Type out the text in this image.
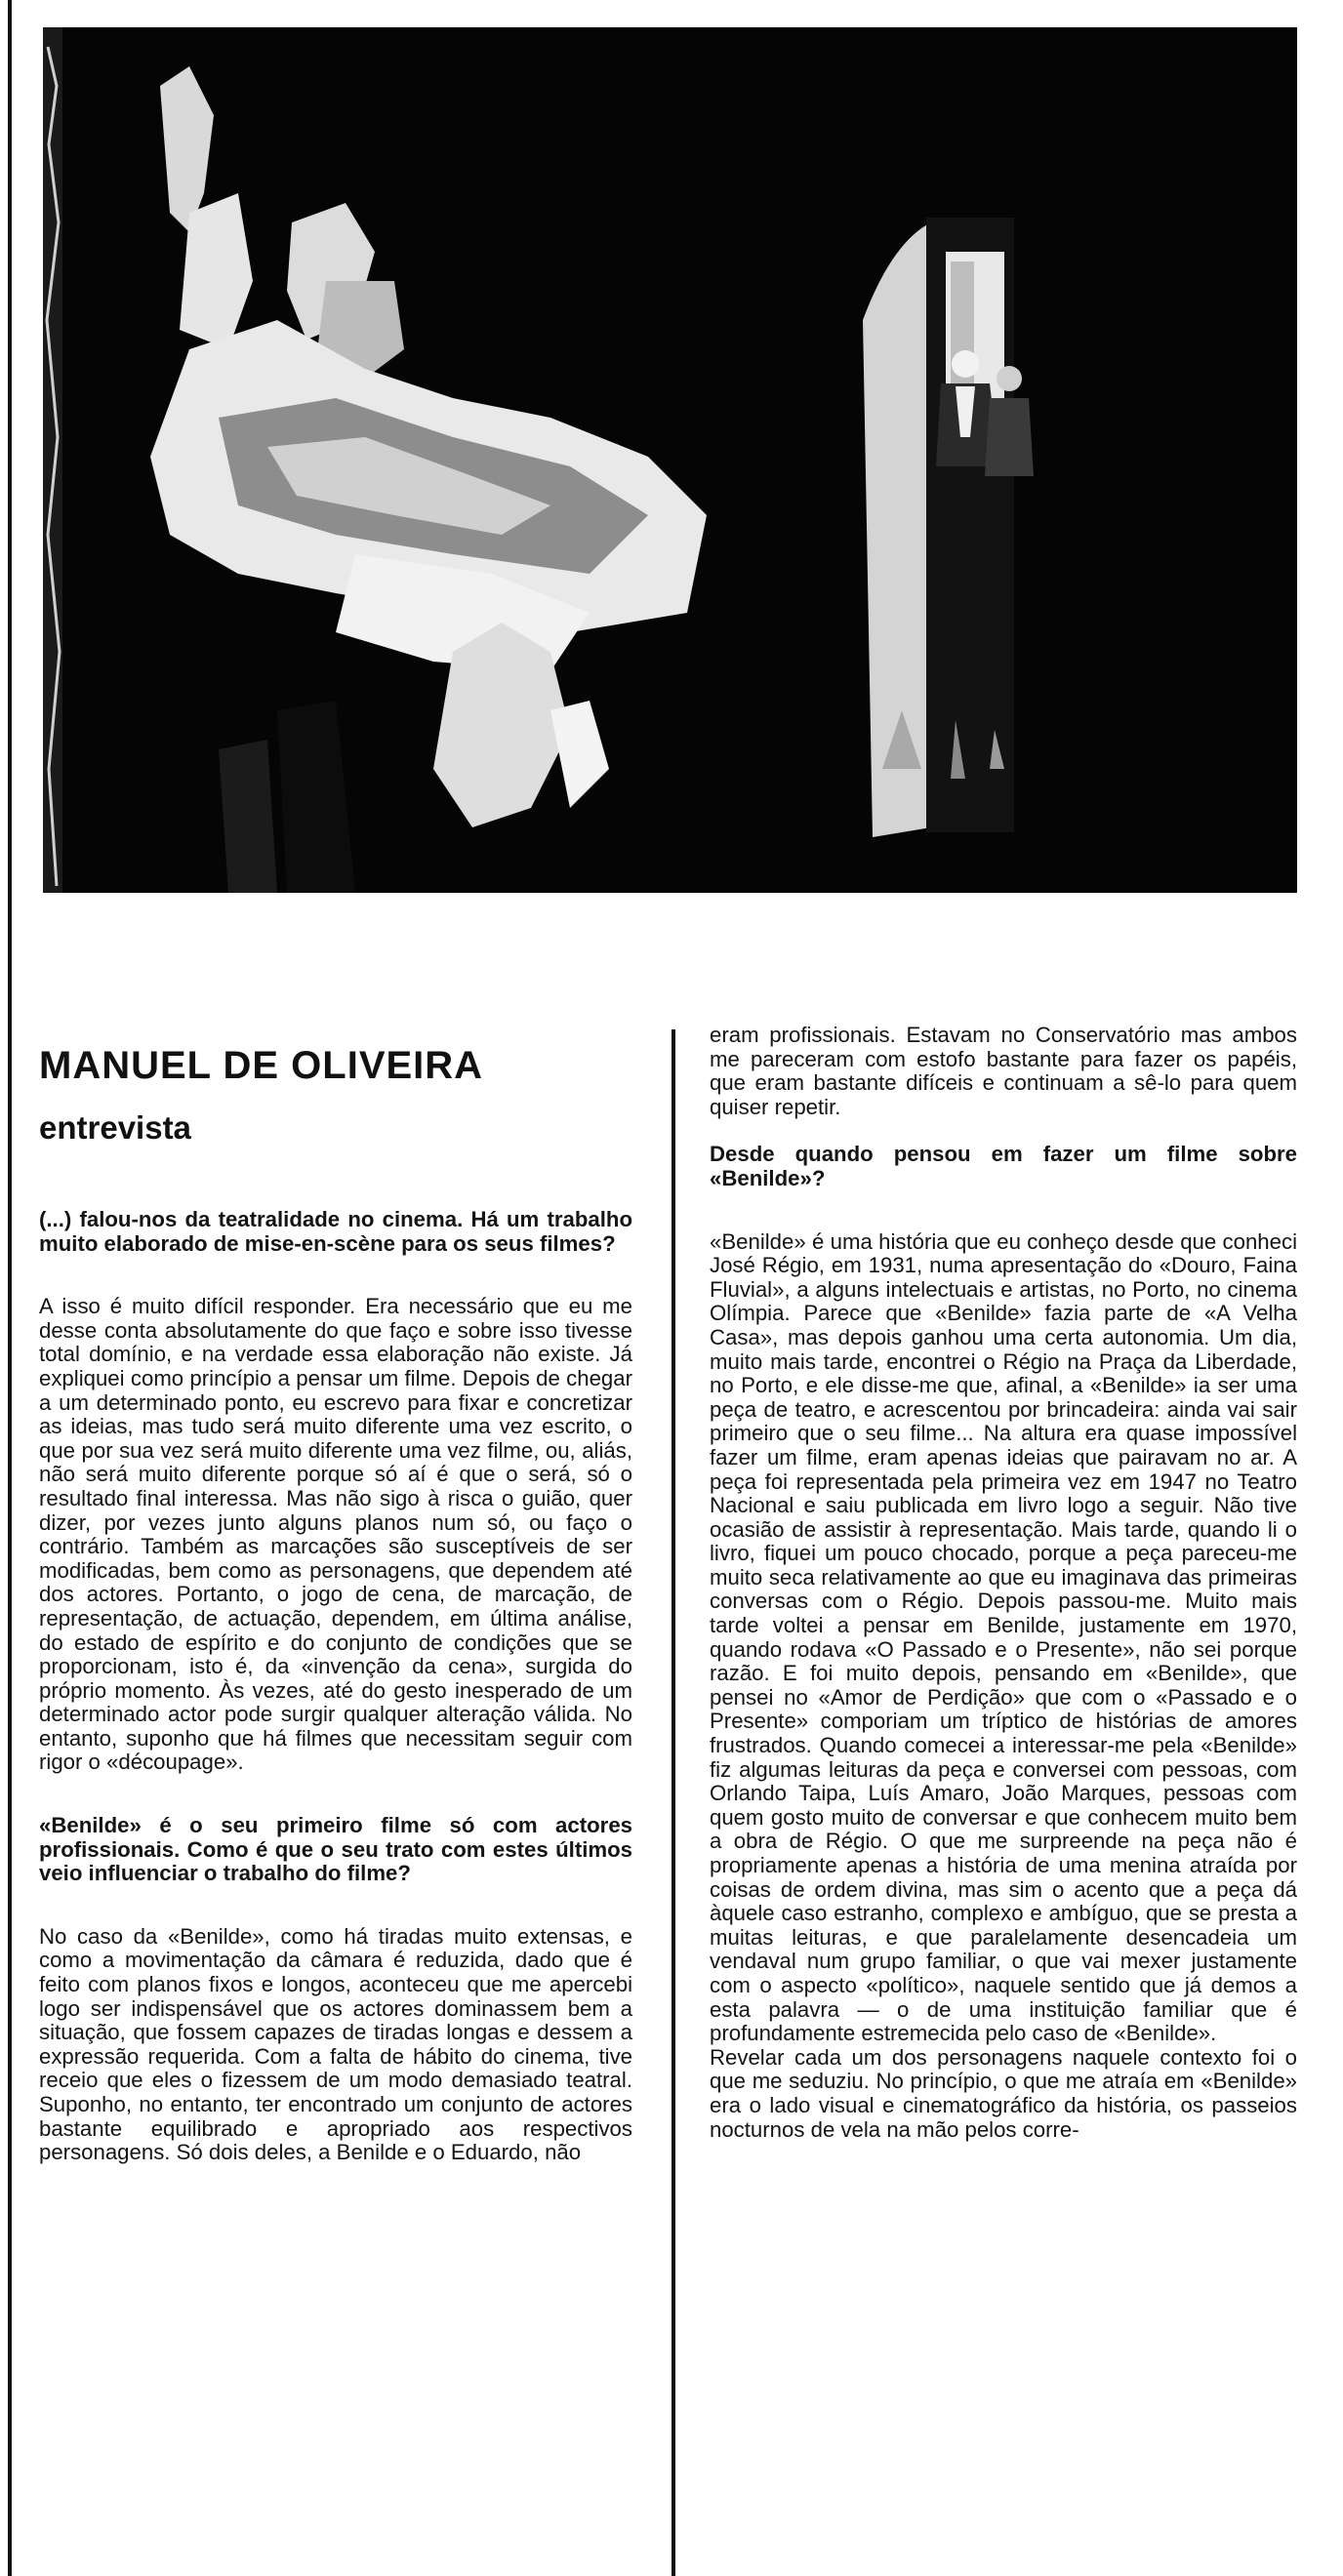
MANUEL DE OLIVEIRA
entrevista

(...) falou-nos da teatralidade no cinema. Há um trabalho muito elaborado de mise-en-scène para os seus filmes?

A isso é muito difícil responder. Era necessário que eu me desse conta absolutamente do que faço e sobre isso tivesse total domínio, e na verdade essa elaboração não existe. Já expliquei como princípio a pensar um filme. Depois de chegar a um determinado ponto, eu escrevo para fixar e concretizar as ideias, mas tudo será muito diferente uma vez escrito, o que por sua vez será muito diferente uma vez filme, ou, aliás, não será muito diferente porque só aí é que o será, só o resultado final interessa. Mas não sigo à risca o guião, quer dizer, por vezes junto alguns planos num só, ou faço o contrário. Também as marcações são susceptíveis de ser modificadas, bem como as personagens, que dependem até dos actores. Portanto, o jogo de cena, de marcação, de representação, de actuação, dependem, em última análise, do estado de espírito e do conjunto de condições que se proporcionam, isto é, da «invenção da cena», surgida do próprio momento. Às vezes, até do gesto inesperado de um determinado actor pode surgir qualquer alteração válida. No entanto, suponho que há filmes que necessitam seguir com rigor o «découpage».

«Benilde» é o seu primeiro filme só com actores profissionais. Como é que o seu trato com estes últimos veio influenciar o trabalho do filme?

No caso da «Benilde», como há tiradas muito extensas, e como a movimentação da câmara é reduzida, dado que é feito com planos fixos e longos, aconteceu que me apercebi logo ser indispensável que os actores dominassem bem a situação, que fossem capazes de tiradas longas e dessem a expressão requerida. Com a falta de hábito do cinema, tive receio que eles o fizessem de um modo demasiado teatral. Suponho, no entanto, ter encontrado um conjunto de actores bastante equilibrado e apropriado aos respectivos personagens. Só dois deles, a Benilde e o Eduardo, não

eram profissionais. Estavam no Conservatório mas ambos me pareceram com estofo bastante para fazer os papéis, que eram bastante difíceis e continuam a sê-lo para quem quiser repetir.

Desde quando pensou em fazer um filme sobre «Benilde»?

«Benilde» é uma história que eu conheço desde que conheci José Régio, em 1931, numa apresentação do «Douro, Faina Fluvial», a alguns intelectuais e artistas, no Porto, no cinema Olímpia. Parece que «Benilde» fazia parte de «A Velha Casa», mas depois ganhou uma certa autonomia. Um dia, muito mais tarde, encontrei o Régio na Praça da Liberdade, no Porto, e ele disse-me que, afinal, a «Benilde» ia ser uma peça de teatro, e acrescentou por brincadeira: ainda vai sair primeiro que o seu filme... Na altura era quase impossível fazer um filme, eram apenas ideias que pairavam no ar. A peça foi representada pela primeira vez em 1947 no Teatro Nacional e saiu publicada em livro logo a seguir. Não tive ocasião de assistir à representação. Mais tarde, quando li o livro, fiquei um pouco chocado, porque a peça pareceu-me muito seca relativamente ao que eu imaginava das primeiras conversas com o Régio. Depois passou-me. Muito mais tarde voltei a pensar em Benilde, justamente em 1970, quando rodava «O Passado e o Presente», não sei porque razão. E foi muito depois, pensando em «Benilde», que pensei no «Amor de Perdição» que com o «Passado e o Presente» comporiam um tríptico de histórias de amores frustrados. Quando comecei a interessar-me pela «Benilde» fiz algumas leituras da peça e conversei com pessoas, com Orlando Taipa, Luís Amaro, João Marques, pessoas com quem gosto muito de conversar e que conhecem muito bem a obra de Régio. O que me surpreende na peça não é propriamente apenas a história de uma menina atraída por coisas de ordem divina, mas sim o acento que a peça dá àquele caso estranho, complexo e ambíguo, que se presta a muitas leituras, e que paralelamente desencadeia um vendaval num grupo familiar, o que vai mexer justamente com o aspecto «político», naquele sentido que já demos a esta palavra — o de uma instituição familiar que é profundamente estremecida pelo caso de «Benilde».

Revelar cada um dos personagens naquele contexto foi o que me seduziu. No princípio, o que me atraía em «Benilde» era o lado visual e cinematográfico da história, os passeios nocturnos de vela na mão pelos corre-
